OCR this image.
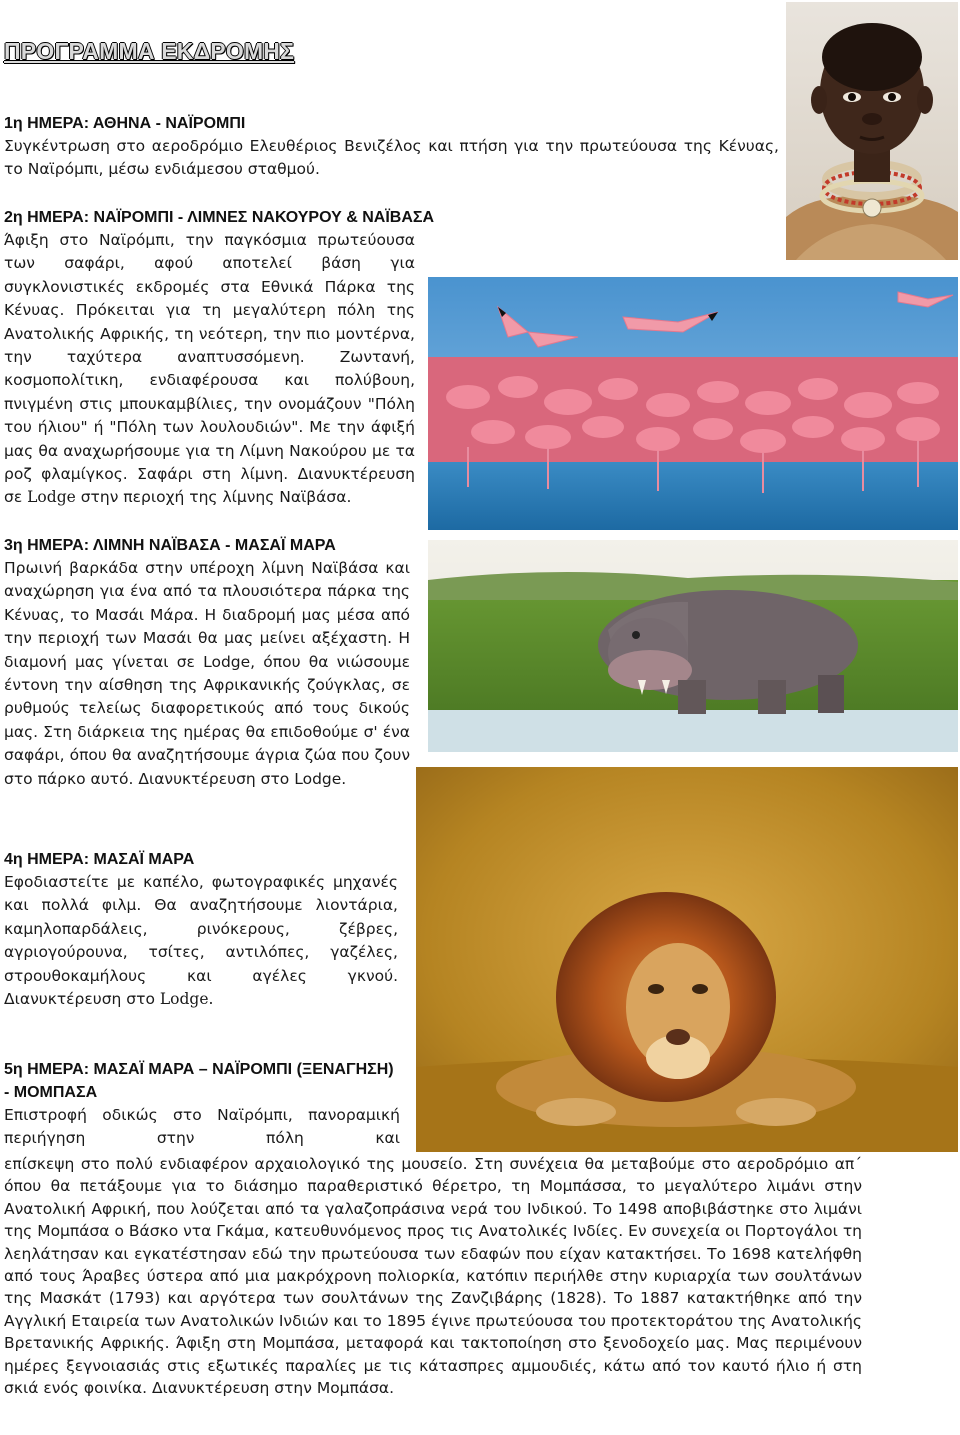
ΠΡΟΓΡΑΜΜΑ ΕΚΔΡΟΜΗΣ
1η ΗΜΕΡΑ: ΑΘΗΝΑ - ΝΑΪΡΟΜΠΙ

Συγκέντρωση στο αεροδρόμιο Ελευθέριος Βενιζέλος και πτήση για την πρωτεύουσα της Κένυας, το Ναϊρόμπι, μέσω ενδιάμεσου σταθμού.

2η ΗΜΕΡΑ: ΝΑΪΡΟΜΠΙ - ΛΙΜΝΕΣ ΝΑΚΟΥΡΟΥ & ΝΑΪΒΑΣΑ

Άφιξη στο Ναϊρόμπι, την παγκόσμια πρωτεύουσα των σαφάρι, αφού αποτελεί βάση για συγκλονιστικές εκδρομές στα Εθνικά Πάρκα της Κένυας. Πρόκειται για τη μεγαλύτερη πόλη της Ανατολικής Αφρικής, τη νεότερη, την πιο μοντέρνα, την ταχύτερα αναπτυσσόμενη. Ζωντανή, κοσμοπολίτικη, ενδιαφέρουσα και πολύβουη, πνιγμένη στις μπουκαμβίλιες, την ονομάζουν "Πόλη του ήλιου" ή "Πόλη των λουλουδιών". Με την άφιξή μας θα αναχωρήσουμε για τη Λίμνη Νακούρου με τα ροζ φλαμίγκος. Σαφάρι στη λίμνη. Διανυκτέρευση σε Lodge στην περιοχή της λίμνης Ναϊβάσα.

3η ΗΜΕΡΑ: ΛΙΜΝΗ ΝΑΪΒΑΣΑ - ΜΑΣΑΪ ΜΑΡΑ

Πρωινή βαρκάδα στην υπέροχη λίμνη Ναϊβάσα και αναχώρηση για ένα από τα πλουσιότερα πάρκα της Κένυας, το Μασάι Μάρα. Η διαδρομή μας μέσα από την περιοχή των Μασάι θα μας μείνει αξέχαστη. Η διαμονή μας γίνεται σε Lodge, όπου θα νιώσουμε έντονη την αίσθηση της Αφρικανικής ζούγκλας, σε ρυθμούς τελείως διαφορετικούς από τους δικούς μας. Στη διάρκεια της ημέρας θα επιδοθούμε σ' ένα σαφάρι, όπου θα αναζητήσουμε άγρια ζώα που ζουν στο πάρκο αυτό. Διανυκτέρευση στο Lodge.

4η ΗΜΕΡΑ: ΜΑΣΑΪ ΜΑΡΑ

Εφοδιαστείτε με καπέλο, φωτογραφικές μηχανές και πολλά φιλμ. Θα αναζητήσουμε λιοντάρια, καμηλοπαρδάλεις, ρινόκερους, ζέβρες, αγριογούρουνα, τσίτες, αντιλόπες, γαζέλες, στρουθοκαμήλους και αγέλες γκνού. Διανυκτέρευση στο Lodge.

5η ΗΜΕΡΑ: ΜΑΣΑΪ ΜΑΡΑ – ΝΑΪΡΟΜΠΙ (ΞΕΝΑΓΗΣΗ) - ΜΟΜΠΑΣΑ

Επιστροφή οδικώς στο Ναϊρόμπι, πανοραμική περιήγηση στην πόλη και

επίσκεψη στο πολύ ενδιαφέρον αρχαιολογικό της μουσείο. Στη συνέχεια θα μεταβούμε στο αεροδρόμιο απ΄ όπου θα πετάξουμε για το διάσημο παραθεριστικό θέρετρο, τη Μομπάσσα, το μεγαλύτερο λιμάνι στην Ανατολική Αφρική, που λούζεται από τα γαλαζοπράσινα νερά του Ινδικού. Το 1498 αποβιβάστηκε στο λιμάνι της Μομπάσα ο Βάσκο ντα Γκάμα, κατευθυνόμενος προς τις Ανατολικές Ινδίες. Εν συνεχεία οι Πορτογάλοι τη λεηλάτησαν και εγκατέστησαν εδώ την πρωτεύουσα των εδαφών που είχαν κατακτήσει. Το 1698 κατελήφθη από τους Άραβες ύστερα από μια μακρόχρονη πολιορκία, κατόπιν περιήλθε στην κυριαρχία των σουλτάνων της Μασκάτ (1793) και αργότερα των σουλτάνων της Ζανζιβάρης (1828). Το 1887 κατακτήθηκε από την Αγγλική Εταιρεία των Ανατολικών Ινδιών και το 1895 έγινε πρωτεύουσα του προτεκτοράτου της Ανατολικής Βρετανικής Αφρικής. Άφιξη στη Μομπάσα, μεταφορά και τακτοποίηση στο ξενοδοχείο μας. Μας περιμένουν ημέρες ξεγνοιασιάς στις εξωτικές παραλίες με τις κάτασπρες αμμουδιές, κάτω από τον καυτό ήλιο ή στη σκιά ενός φοινίκα. Διανυκτέρευση στην Μομπάσα.
